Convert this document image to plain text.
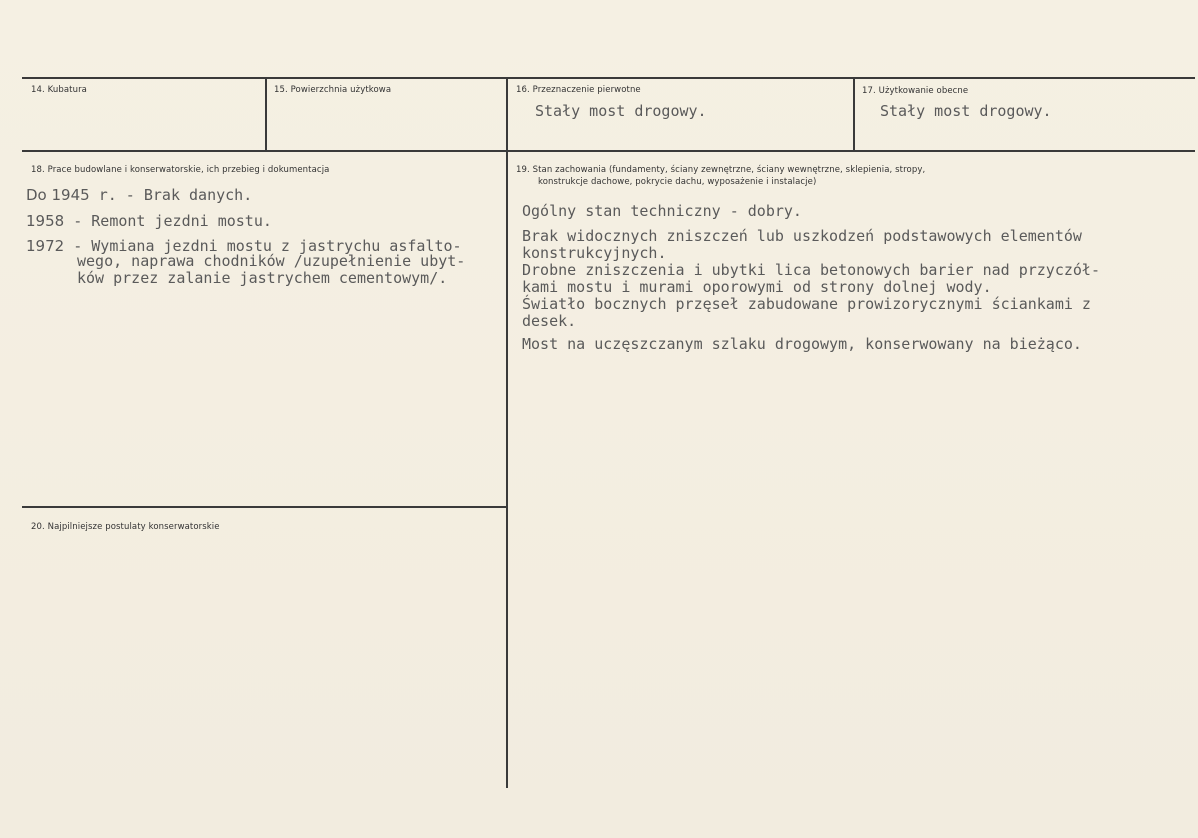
14. Kubatura	15. Powierzchnia użytkowa	16. Przeznaczenie pierwotne
Stały most drogowy.
17. Użytkowanie obecne
Stały most drogowy.
18. Prace budowlane i konserwatorskie, ich przebieg i dokumentacja
Do 1945 r. - Brak danych.
1958 - Remont jezdni mostu.
1972 - Wymiana jezdni mostu z jastrychu asfalto-
wego, naprawa chodników /uzupełnienie ubyt-
ków przez zalanie jastrychem cementowym/.
19. Stan zachowania (fundamenty, ściany zewnętrzne, ściany wewnętrzne, sklepienia, stropy,
konstrukcje dachowe, pokrycie dachu, wyposażenie i instalacje)
Ogólny stan techniczny - dobry.
Brak widocznych zniszczeń lub uszkodzeń podstawowych elementów
konstrukcyjnych.
Drobne zniszczenia i ubytki lica betonowych barier nad przyczół-
kami mostu i murami oporowymi od strony dolnej wody.
Światło bocznych przęseł zabudowane prowizorycznymi ściankami z
desek.
Most na uczęszczanym szlaku drogowym, konserwowany na bieżąco.
20. Najpilniejsze postulaty konserwatorskie
